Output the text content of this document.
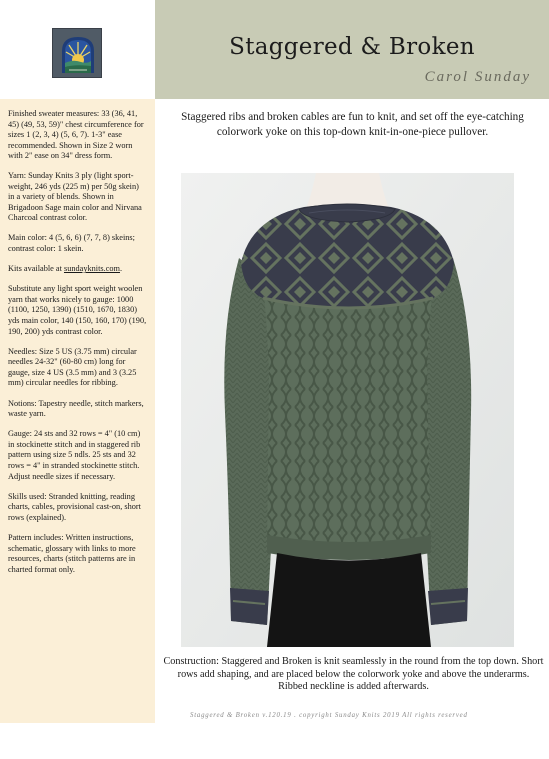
Staggered & Broken
Carol Sunday

Finished sweater measures: 33 (36, 41, 45) (49, 53, 59)" chest circumference for sizes 1 (2, 3, 4) (5, 6, 7). 1-3" ease recommended. Shown in Size 2 worn with 2" ease on 34" dress form.

Yarn: Sunday Knits 3 ply (light sport-weight, 246 yds (225 m) per 50g skein) in a variety of blends. Shown in Brigadoon Sage main color and Nirvana Charcoal contrast color.

Main color: 4 (5, 6, 6) (7, 7, 8) skeins; contrast color: 1 skein.

Kits available at sundayknits.com.

Substitute any light sport weight woolen yarn that works nicely to gauge: 1000 (1100, 1250, 1390) (1510, 1670, 1830) yds main color, 140 (150, 160, 170) (190, 190, 200) yds contrast color.

Needles: Size 5 US (3.75 mm) circular needles 24-32" (60-80 cm) long for gauge, size 4 US (3.5 mm) and 3 (3.25 mm) circular needles for ribbing.

Notions: Tapestry needle, stitch markers, waste yarn.

Gauge: 24 sts and 32 rows = 4" (10 cm) in stockinette stitch and in staggered rib pattern using size 5 ndls. 25 sts and 32 rows = 4" in stranded stockinette stitch. Adjust needle sizes if necessary.

Skills used: Stranded knitting, reading charts, cables, provisional cast-on, short rows (explained).

Pattern includes: Written instructions, schematic, glossary with links to more resources, charts (stitch patterns are in charted format only.

Staggered ribs and broken cables are fun to knit, and set off the eye-catching colorwork yoke on this top-down knit-in-one-piece pullover.
Construction: Staggered and Broken is knit seamlessly in the round from the top down. Short rows add shaping, and are placed below the colorwork yoke and above the underarms. Ribbed neckline is added afterwards.
Staggered & Broken v.120.19 . copyright Sunday Knits 2019 All rights reserved
